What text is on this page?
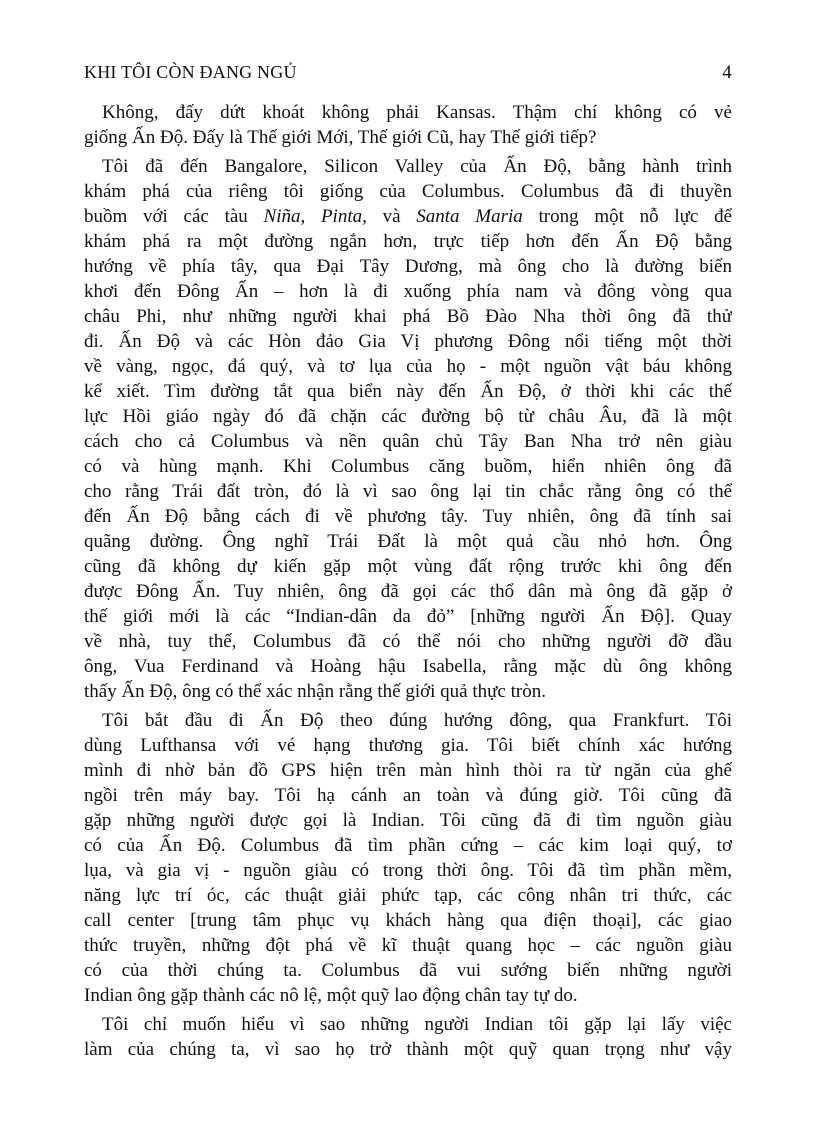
KHI TÔI CÒN ĐANG NGỦ	4
Không, đấy dứt khoát không phải Kansas. Thậm chí không có vẻ
giống Ấn Độ. Đấy là Thế giới Mới, Thế giới Cũ, hay Thế giới tiếp?
Tôi đã đến Bangalore, Silicon Valley của Ấn Độ, bằng hành trình
khám phá của riêng tôi giống của Columbus. Columbus đã đi thuyền
buồm với các tàu Niña, Pinta, và Santa Maria trong một nỗ lực để
khám phá ra một đường ngắn hơn, trực tiếp hơn đến Ấn Độ bằng
hướng về phía tây, qua Đại Tây Dương, mà ông cho là đường biển
khơi đến Đông Ấn – hơn là đi xuống phía nam và đông vòng qua
châu Phi, như những người khai phá Bồ Đào Nha thời ông đã thử
đi. Ấn Độ và các Hòn đảo Gia Vị phương Đông nổi tiếng một thời
về vàng, ngọc, đá quý, và tơ lụa của họ - một nguồn vật báu không
kể xiết. Tìm đường tắt qua biển này đến Ấn Độ, ở thời khi các thế
lực Hồi giáo ngày đó đã chặn các đường bộ từ châu Âu, đã là một
cách cho cả Columbus và nền quân chủ Tây Ban Nha trở nên giàu
có và hùng mạnh. Khi Columbus căng buồm, hiển nhiên ông đã
cho rằng Trái đất tròn, đó là vì sao ông lại tin chắc rằng ông có thể
đến Ấn Độ bằng cách đi về phương tây. Tuy nhiên, ông đã tính sai
quãng đường. Ông nghĩ Trái Đất là một quả cầu nhỏ hơn. Ông
cũng đã không dự kiến gặp một vùng đất rộng trước khi ông đến
được Đông Ấn. Tuy nhiên, ông đã gọi các thổ dân mà ông đã gặp ở
thế giới mới là các “Indian-dân da đỏ” [những người Ấn Độ]. Quay
về nhà, tuy thế, Columbus đã có thể nói cho những người đỡ đầu
ông, Vua Ferdinand và Hoàng hậu Isabella, rằng mặc dù ông không
thấy Ấn Độ, ông có thể xác nhận rằng thế giới quả thực tròn.
Tôi bắt đầu đi Ấn Độ theo đúng hướng đông, qua Frankfurt. Tôi
dùng Lufthansa với vé hạng thương gia. Tôi biết chính xác hướng
mình đi nhờ bản đồ GPS hiện trên màn hình thòi ra từ ngăn của ghế
ngồi trên máy bay. Tôi hạ cánh an toàn và đúng giờ. Tôi cũng đã
gặp những người được gọi là Indian. Tôi cũng đã đi tìm nguồn giàu
có của Ấn Độ. Columbus đã tìm phần cứng – các kim loại quý, tơ
lụa, và gia vị - nguồn giàu có trong thời ông. Tôi đã tìm phần mềm,
năng lực trí óc, các thuật giải phức tạp, các công nhân tri thức, các
call center [trung tâm phục vụ khách hàng qua điện thoại], các giao
thức truyền, những đột phá về kĩ thuật quang học – các nguồn giàu
có của thời chúng ta. Columbus đã vui sướng biến những người
Indian ông gặp thành các nô lệ, một quỹ lao động chân tay tự do.
Tôi chỉ muốn hiểu vì sao những người Indian tôi gặp lại lấy việc
làm của chúng ta, vì sao họ trở thành một quỹ quan trọng như vậy
